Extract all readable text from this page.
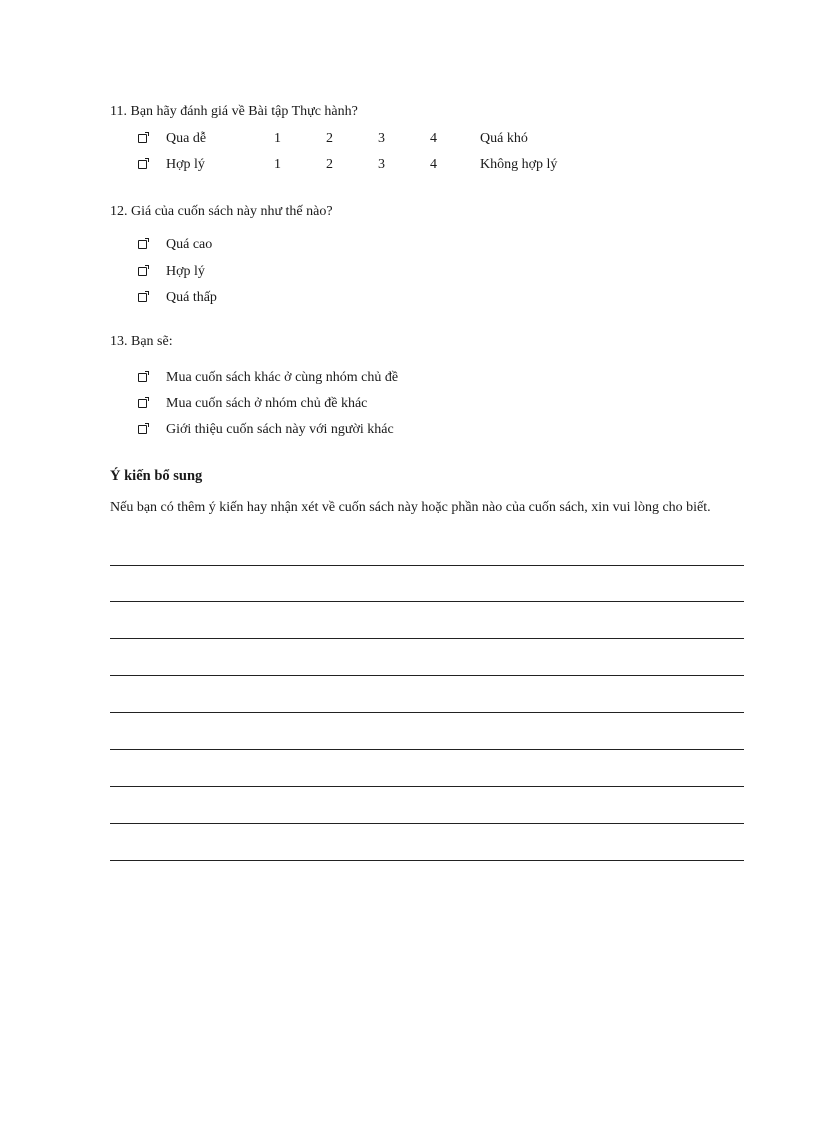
11. Bạn hãy đánh giá về Bài tập Thực hành?
Qua dễ	1	2	3	4	Quá khó
Hợp lý	1	2	3	4	Không hợp lý
12. Giá của cuốn sách này như thế nào?
Quá cao
Hợp lý
Quá thấp
13. Bạn sẽ:
Mua cuốn sách khác ở cùng nhóm chủ đề
Mua cuốn sách ở nhóm chủ đề khác
Giới thiệu cuốn sách này với người khác
Ý kiến bổ sung
Nếu bạn có thêm ý kiến hay nhận xét về cuốn sách này hoặc phần nào của cuốn sách, xin vui lòng cho biết.
